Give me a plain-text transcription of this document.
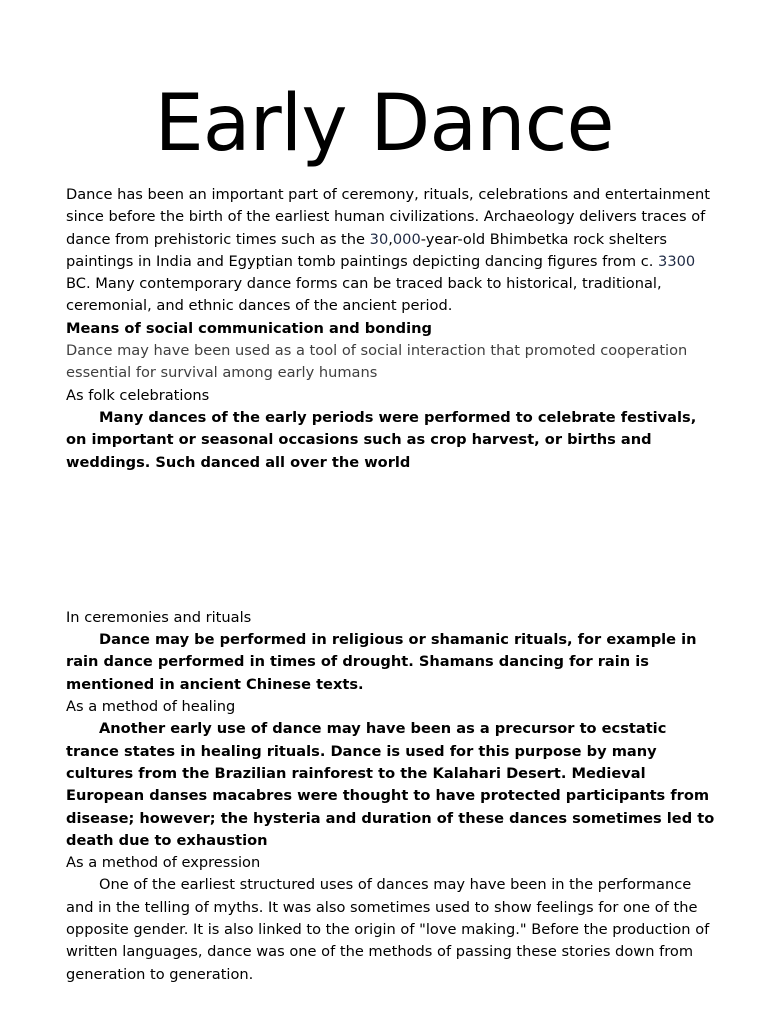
Early Dance

Dance has been an important part of ceremony, rituals, celebrations and entertainment since before the birth of the earliest human civilizations. Archaeology delivers traces of dance from prehistoric times such as the 30,000-year-old Bhimbetka rock shelters paintings in India and Egyptian tomb paintings depicting dancing figures from c. 3300 BC. Many contemporary dance forms can be traced back to historical, traditional, ceremonial, and ethnic dances of the ancient period.

Means of social communication and bonding

Dance may have been used as a tool of social interaction that promoted cooperation essential for survival among early humans

As folk celebrations

Many dances of the early periods were performed to celebrate festivals, on important or seasonal occasions such as crop harvest, or births and weddings. Such danced all over the world

In ceremonies and rituals

Dance may be performed in religious or shamanic rituals, for example in rain dance performed in times of drought. Shamans dancing for rain is mentioned in ancient Chinese texts.

As a method of healing

Another early use of dance may have been as a precursor to ecstatic trance states in healing rituals. Dance is used for this purpose by many cultures from the Brazilian rainforest to the Kalahari Desert. Medieval European danses macabres were thought to have protected participants from disease; however; the hysteria and duration of these dances sometimes led to death due to exhaustion

As a method of expression

One of the earliest structured uses of dances may have been in the performance and in the telling of myths. It was also sometimes used to show feelings for one of the opposite gender. It is also linked to the origin of "love making." Before the production of written languages, dance was one of the methods of passing these stories down from generation to generation.
